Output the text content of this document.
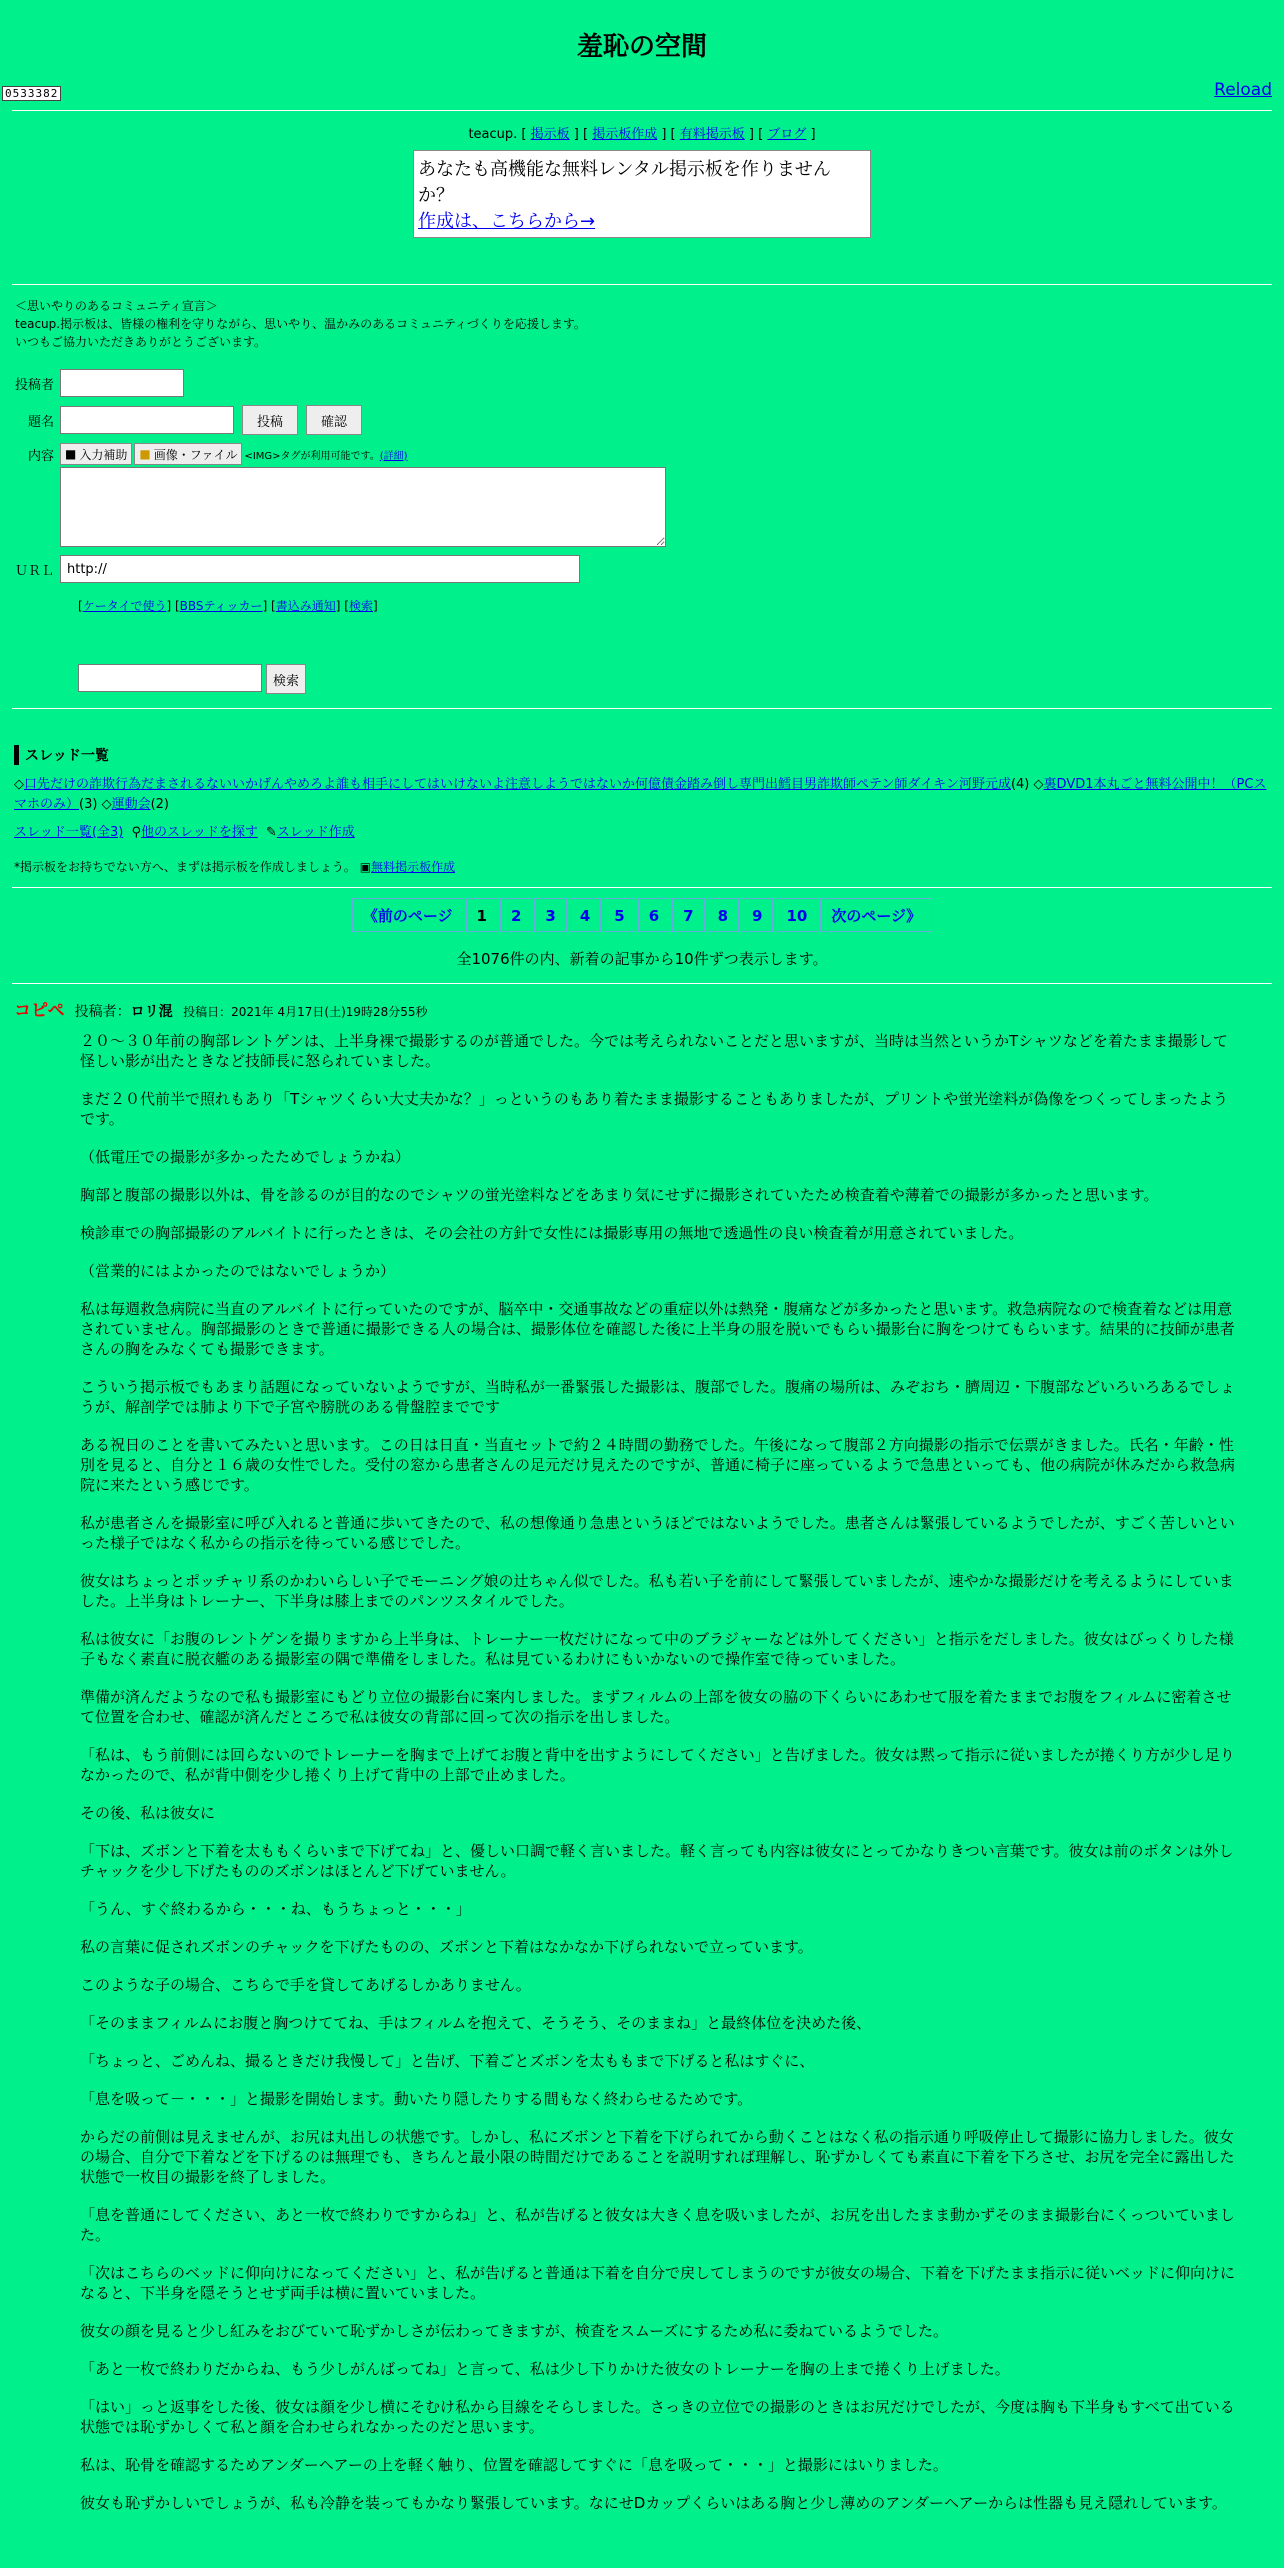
羞恥の空間
0533382	Reload
teacup. [ 掲示板 ] [ 掲示板作成 ] [ 有料掲示板 ] [ ブログ ]
あなたも高機能な無料レンタル掲示板を作りませんか？
作成は、こちらから→
＜思いやりのあるコミュニティ宣言＞
teacup.掲示板は、皆様の権利を守りながら、思いやり、温かみのあるコミュニティづくりを応援します。
いつもご協力いただきありがとうございます。
投稿者
題名	投稿	確認
内容 ■ 入力補助 ■ 画像・ファイル <IMG>タグが利用可能です。 (詳細)
ＵＲＬ
http://
[ケータイで使う] [BBSティッカー] [書込み通知] [検索]
検索
スレッド一覧
◇口先だけの詐欺行為だまされるないいかげんやめろよ誰も相手にしてはいけないよ注意しようではないか何億債金踏み倒し専門出鱈目男詐欺師ペテン師ダイキン河野元成(4) ◇裏DVD1本丸ごと無料公開中！（PCスマホのみ）(3) ◇運動会(2)
スレッド一覧(全3) ⚲他のスレッドを探す ✎スレッド作成
*掲示板をお持ちでない方へ、まずは掲示板を作成しましょう。 ▣無料掲示板作成
《前のページ	1	2	3	4	5	6	7	8	9	10	次のページ》
全1076件の内、新着の記事から10件ずつ表示します。
コピペ 投稿者：ロリ混 投稿日：2021年 4月17日(土)19時28分55秒

２０～３０年前の胸部レントゲンは、上半身裸で撮影するのが普通でした。今では考えられないことだと思いますが、当時は当然というかTシャツなどを着たまま撮影して怪しい影が出たときなど技師長に怒られていました。

まだ２０代前半で照れもあり「Tシャツくらい大丈夫かな？」っというのもあり着たまま撮影することもありましたが、プリントや蛍光塗料が偽像をつくってしまったようです。

（低電圧での撮影が多かったためでしょうかね）

胸部と腹部の撮影以外は、骨を診るのが目的なのでシャツの蛍光塗料などをあまり気にせずに撮影されていたため検査着や薄着での撮影が多かったと思います。

検診車での胸部撮影のアルバイトに行ったときは、その会社の方針で女性には撮影専用の無地で透過性の良い検査着が用意されていました。

（営業的にはよかったのではないでしょうか）

私は毎週救急病院に当直のアルバイトに行っていたのですが、脳卒中・交通事故などの重症以外は熱発・腹痛などが多かったと思います。救急病院なので検査着などは用意されていません。胸部撮影のときで普通に撮影できる人の場合は、撮影体位を確認した後に上半身の服を脱いでもらい撮影台に胸をつけてもらいます。結果的に技師が患者さんの胸をみなくても撮影できます。

こういう掲示板でもあまり話題になっていないようですが、当時私が一番緊張した撮影は、腹部でした。腹痛の場所は、みぞおち・臍周辺・下腹部などいろいろあるでしょうが、解剖学では肺より下で子宮や膀胱のある骨盤腔までです

ある祝日のことを書いてみたいと思います。この日は日直・当直セットで約２４時間の勤務でした。午後になって腹部２方向撮影の指示で伝票がきました。氏名・年齢・性別を見ると、自分と１６歳の女性でした。受付の窓から患者さんの足元だけ見えたのですが、普通に椅子に座っているようで急患といっても、他の病院が休みだから救急病院に来たという感じです。

私が患者さんを撮影室に呼び入れると普通に歩いてきたので、私の想像通り急患というほどではないようでした。患者さんは緊張しているようでしたが、すごく苦しいといった様子ではなく私からの指示を待っている感じでした。

彼女はちょっとポッチャリ系のかわいらしい子でモーニング娘の辻ちゃん似でした。私も若い子を前にして緊張していましたが、速やかな撮影だけを考えるようにしていました。上半身はトレーナー、下半身は膝上までのパンツスタイルでした。

私は彼女に「お腹のレントゲンを撮りますから上半身は、トレーナー一枚だけになって中のブラジャーなどは外してください」と指示をだしました。彼女はびっくりした様子もなく素直に脱衣艦のある撮影室の隅で準備をしました。私は見ているわけにもいかないので操作室で待っていました。

準備が済んだようなので私も撮影室にもどり立位の撮影台に案内しました。まずフィルムの上部を彼女の脇の下くらいにあわせて服を着たままでお腹をフィルムに密着させて位置を合わせ、確認が済んだところで私は彼女の背部に回って次の指示を出しました。

「私は、もう前側には回らないのでトレーナーを胸まで上げてお腹と背中を出すようにしてください」と告げました。彼女は黙って指示に従いましたが捲くり方が少し足りなかったので、私が背中側を少し捲くり上げて背中の上部で止めました。

その後、私は彼女に

「下は、ズボンと下着を太ももくらいまで下げてね」と、優しい口調で軽く言いました。軽く言っても内容は彼女にとってかなりきつい言葉です。彼女は前のボタンは外しチャックを少し下げたもののズボンはほとんど下げていません。

「うん、すぐ終わるから・・・ね、もうちょっと・・・」

私の言葉に促されズボンのチャックを下げたものの、ズボンと下着はなかなか下げられないで立っています。

このような子の場合、こちらで手を貸してあげるしかありません。

「そのままフィルムにお腹と胸つけててね、手はフィルムを抱えて、そうそう、そのままね」と最終体位を決めた後、

「ちょっと、ごめんね、撮るときだけ我慢して」と告げ、下着ごとズボンを太ももまで下げると私はすぐに、

「息を吸って－・・・」と撮影を開始します。動いたり隠したりする間もなく終わらせるためです。

からだの前側は見えませんが、お尻は丸出しの状態です。しかし、私にズボンと下着を下げられてから動くことはなく私の指示通り呼吸停止して撮影に協力しました。彼女の場合、自分で下着などを下げるのは無理でも、きちんと最小限の時間だけであることを説明すれば理解し、恥ずかしくても素直に下着を下ろさせ、お尻を完全に露出した状態で一枚目の撮影を終了しました。

「息を普通にしてください、あと一枚で終わりですからね」と、私が告げると彼女は大きく息を吸いましたが、お尻を出したまま動かずそのまま撮影台にくっついていました。

「次はこちらのベッドに仰向けになってください」と、私が告げると普通は下着を自分で戻してしまうのですが彼女の場合、下着を下げたまま指示に従いベッドに仰向けになると、下半身を隠そうとせず両手は横に置いていました。

彼女の顔を見ると少し紅みをおびていて恥ずかしさが伝わってきますが、検査をスムーズにするため私に委ねているようでした。

「あと一枚で終わりだからね、もう少しがんばってね」と言って、私は少し下りかけた彼女のトレーナーを胸の上まで捲くり上げました。

「はい」っと返事をした後、彼女は顔を少し横にそむけ私から目線をそらしました。さっきの立位での撮影のときはお尻だけでしたが、今度は胸も下半身もすべて出ている状態では恥ずかしくて私と顔を合わせられなかったのだと思います。

私は、恥骨を確認するためアンダーヘアーの上を軽く触り、位置を確認してすぐに「息を吸って・・・」と撮影にはいりました。

彼女も恥ずかしいでしょうが、私も冷静を装ってもかなり緊張しています。なにせDカップくらいはある胸と少し薄めのアンダーヘアーからは性器も見え隠れしています。
